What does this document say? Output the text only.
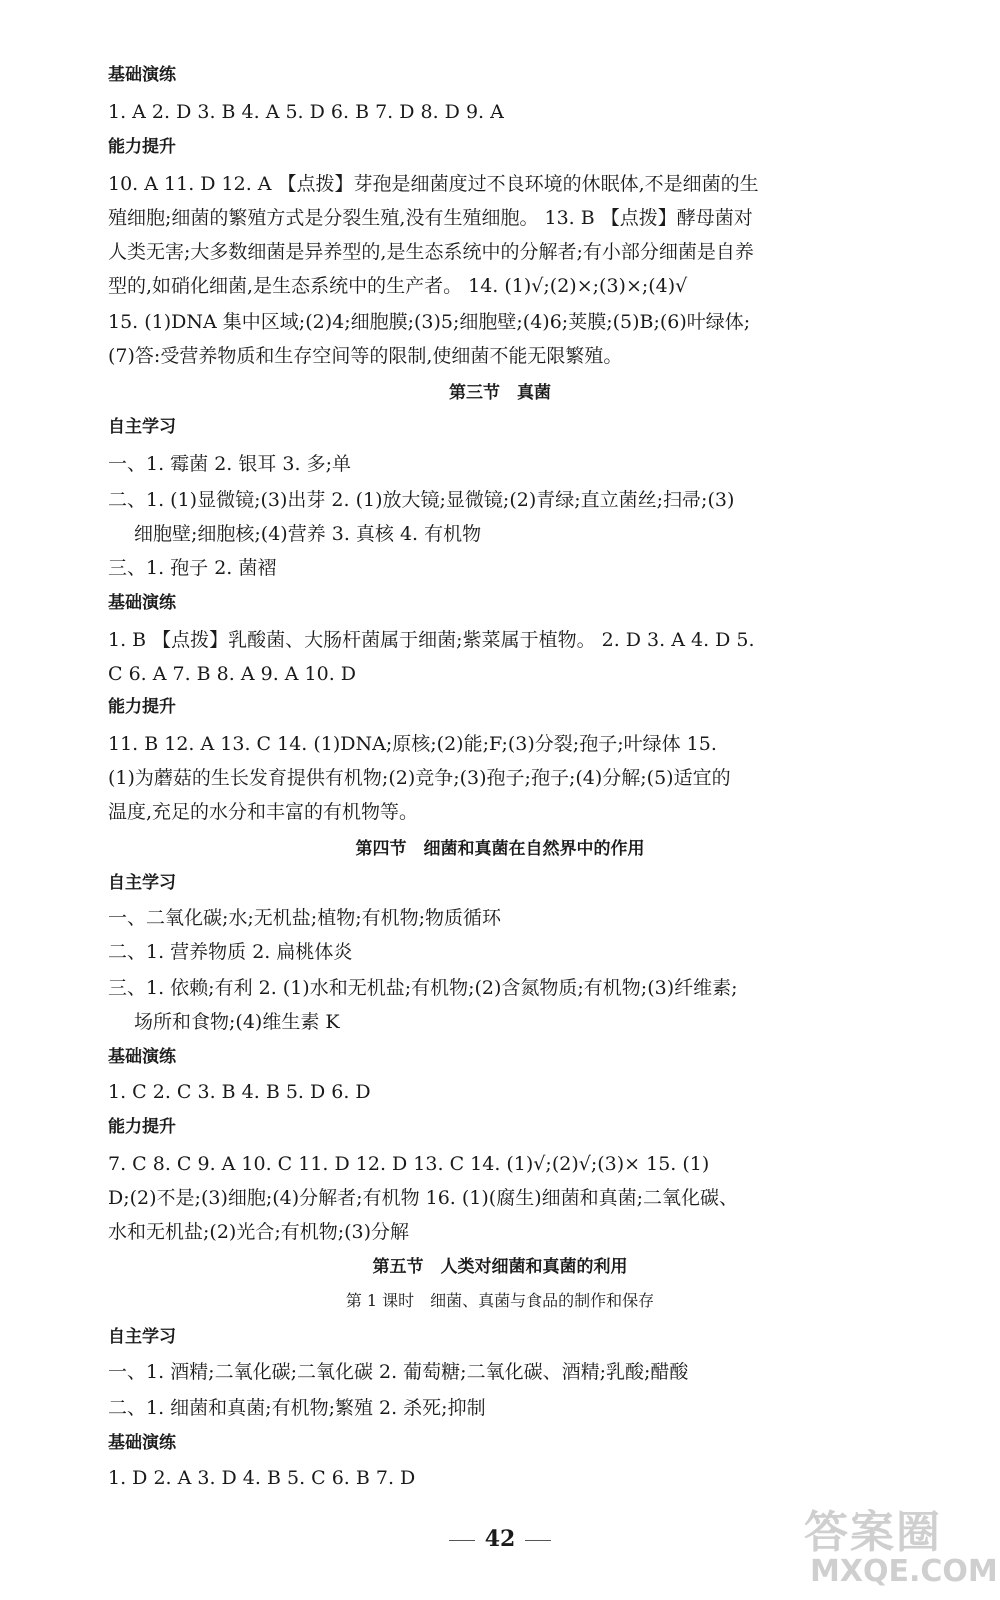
基础演练
1. A 2. D 3. B 4. A 5. D 6. B 7. D 8. D 9. A
能力提升
10. A 11. D 12. A 【点拨】芽孢是细菌度过不良环境的休眠体,不是细菌的生
殖细胞;细菌的繁殖方式是分裂生殖,没有生殖细胞。 13. B 【点拨】酵母菌对
人类无害;大多数细菌是异养型的,是生态系统中的分解者;有小部分细菌是自养
型的,如硝化细菌,是生态系统中的生产者。 14. (1)√;(2)×;(3)×;(4)√
15. (1)DNA 集中区域;(2)4;细胞膜;(3)5;细胞壁;(4)6;荚膜;(5)B;(6)叶绿体;
(7)答:受营养物质和生存空间等的限制,使细菌不能无限繁殖。
第三节　真菌
自主学习
一、1. 霉菌 2. 银耳 3. 多;单
二、1. (1)显微镜;(3)出芽 2. (1)放大镜;显微镜;(2)青绿;直立菌丝;扫帚;(3)
细胞壁;细胞核;(4)营养 3. 真核 4. 有机物
三、1. 孢子 2. 菌褶
基础演练
1. B 【点拨】乳酸菌、大肠杆菌属于细菌;紫菜属于植物。 2. D 3. A 4. D 5.
C 6. A 7. B 8. A 9. A 10. D
能力提升
11. B 12. A 13. C 14. (1)DNA;原核;(2)能;F;(3)分裂;孢子;叶绿体 15.
(1)为蘑菇的生长发育提供有机物;(2)竞争;(3)孢子;孢子;(4)分解;(5)适宜的
温度,充足的水分和丰富的有机物等。
第四节　细菌和真菌在自然界中的作用
自主学习
一、二氧化碳;水;无机盐;植物;有机物;物质循环
二、1. 营养物质 2. 扁桃体炎
三、1. 依赖;有利 2. (1)水和无机盐;有机物;(2)含氮物质;有机物;(3)纤维素;
场所和食物;(4)维生素 K
基础演练
1. C 2. C 3. B 4. B 5. D 6. D
能力提升
7. C 8. C 9. A 10. C 11. D 12. D 13. C 14. (1)√;(2)√;(3)× 15. (1)
D;(2)不是;(3)细胞;(4)分解者;有机物 16. (1)(腐生)细菌和真菌;二氧化碳、
水和无机盐;(2)光合;有机物;(3)分解
第五节　人类对细菌和真菌的利用
第 1 课时　细菌、真菌与食品的制作和保存
自主学习
一、1. 酒精;二氧化碳;二氧化碳 2. 葡萄糖;二氧化碳、酒精;乳酸;醋酸
二、1. 细菌和真菌;有机物;繁殖 2. 杀死;抑制
基础演练
1. D 2. A 3. D 4. B 5. C 6. B 7. D
42	答案圈
MXQE.COM
